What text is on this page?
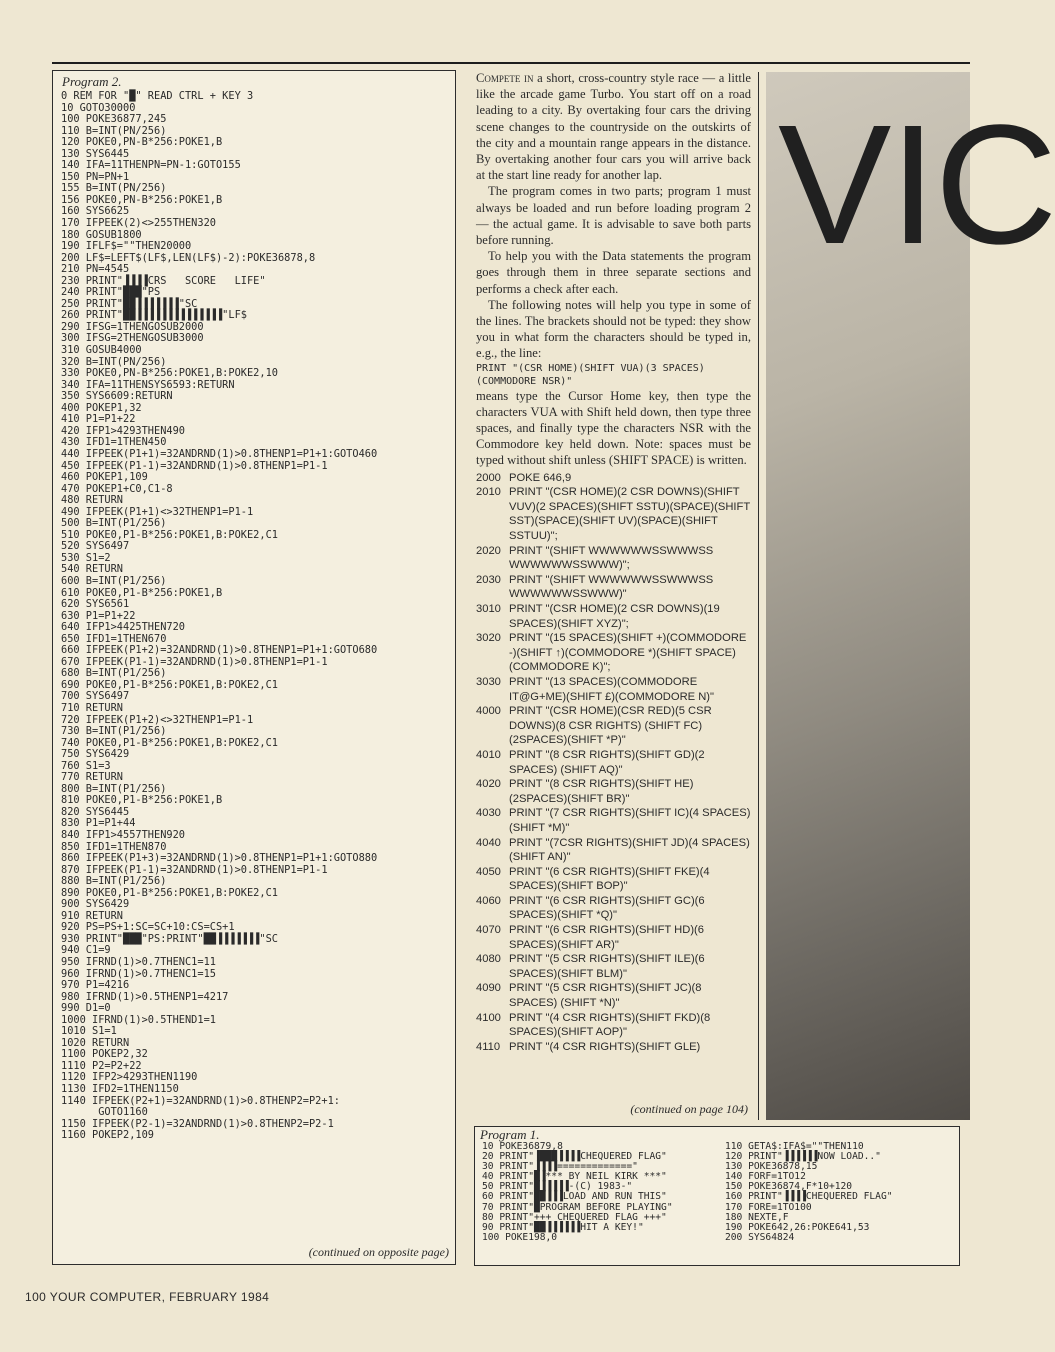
Program 2.
0 REM FOR "█" READ CTRL + KEY 3
10 GOTO30000
100 POKE36877,245
110 B=INT(PN/256)
120 POKE0,PN-B*256:POKE1,B
130 SYS6445
140 IFA=11THENPN=PN-1:GOTO155
150 PN=PN+1
155 B=INT(PN/256)
156 POKE0,PN-B*256:POKE1,B
160 SYS6625
170 IFPEEK(2)<>255THEN320
180 GOSUB1800
190 IFLF$=""THEN20000
200 LF$=LEFT$(LF$,LEN(LF$)-2):POKE36878,8
210 PN=4545
230 PRINT"▐▐▐▐CRS   SCORE   LIFE"
240 PRINT"███"PS
250 PRINT"██▐▐▐▐▐▐▐"SC
260 PRINT"██▐▐▐▐▐▐▐▐▐▐▐▐▐▐"LF$
290 IFSG=1THENGOSUB2000
300 IFSG=2THENGOSUB3000
310 GOSUB4000
320 B=INT(PN/256)
330 POKE0,PN-B*256:POKE1,B:POKE2,10
340 IFA=11THENSYS6593:RETURN
350 SYS6609:RETURN
400 POKEP1,32
410 P1=P1+22
420 IFP1>4293THEN490
430 IFD1=1THEN450
440 IFPEEK(P1+1)=32ANDRND(1)>0.8THENP1=P1+1:GOTO460
450 IFPEEK(P1-1)=32ANDRND(1)>0.8THENP1=P1-1
460 POKEP1,109
470 POKEP1+C0,C1-8
480 RETURN
490 IFPEEK(P1+1)<>32THENP1=P1-1
500 B=INT(P1/256)
510 POKE0,P1-B*256:POKE1,B:POKE2,C1
520 SYS6497
530 S1=2
540 RETURN
600 B=INT(P1/256)
610 POKE0,P1-B*256:POKE1,B
620 SYS6561
630 P1=P1+22
640 IFP1>4425THEN720
650 IFD1=1THEN670
660 IFPEEK(P1+2)=32ANDRND(1)>0.8THENP1=P1+1:GOTO680
670 IFPEEK(P1-1)=32ANDRND(1)>0.8THENP1=P1-1
680 B=INT(P1/256)
690 POKE0,P1-B*256:POKE1,B:POKE2,C1
700 SYS6497
710 RETURN
720 IFPEEK(P1+2)<>32THENP1=P1-1
730 B=INT(P1/256)
740 POKE0,P1-B*256:POKE1,B:POKE2,C1
750 SYS6429
760 S1=3
770 RETURN
800 B=INT(P1/256)
810 POKE0,P1-B*256:POKE1,B
820 SYS6445
830 P1=P1+44
840 IFP1>4557THEN920
850 IFD1=1THEN870
860 IFPEEK(P1+3)=32ANDRND(1)>0.8THENP1=P1+1:GOTO880
870 IFPEEK(P1-1)=32ANDRND(1)>0.8THENP1=P1-1
880 B=INT(P1/256)
890 POKE0,P1-B*256:POKE1,B:POKE2,C1
900 SYS6429
910 RETURN
920 PS=PS+1:SC=SC+10:CS=CS+1
930 PRINT"███"PS:PRINT"██▐▐▐▐▐▐▐"SC
940 C1=9
950 IFRND(1)>0.7THENC1=11
960 IFRND(1)>0.7THENC1=15
970 P1=4216
980 IFRND(1)>0.5THENP1=4217
990 D1=0
1000 IFRND(1)>0.5THEND1=1
1010 S1=1
1020 RETURN
1100 POKEP2,32
1110 P2=P2+22
1120 IFP2>4293THEN1190
1130 IFD2=1THEN1150
1140 IFPEEK(P2+1)=32ANDRND(1)>0.8THENP2=P2+1:
GOTO1160
1150 IFPEEK(P2-1)=32ANDRND(1)>0.8THENP2=P2-1
1160 POKEP2,109

(continued on opposite page)

Compete in a short, cross-country style race — a little like the arcade game Turbo. You start off on a road leading to a city. By overtaking four cars the driving scene changes to the countryside on the outskirts of the city and a mountain range appears in the distance. By overtaking another four cars you will arrive back at the start line ready for another lap.

The program comes in two parts; program 1 must always be loaded and run before loading program 2 — the actual game. It is advisable to save both parts before running.

To help you with the Data statements the program goes through them in three separate sections and performs a check after each.

The following notes will help you type in some of the lines. The brackets should not be typed: they show you in what form the characters should be typed in, e.g., the line:

PRINT "(CSR HOME)(SHIFT VUA)(3 SPACES)(COMMODORE NSR)"

means type the Cursor Home key, then type the characters VUA with Shift held down, then type three spaces, and finally type the characters NSR with the Commodore key held down. Note: spaces must be typed without shift unless (SHIFT SPACE) is written.

2000 POKE 646,9
2010 PRINT "(CSR HOME)(2 CSR DOWNS)(SHIFT VUV)(2 SPACES)(SHIFT SSTU)(SPACE)(SHIFT SST)(SPACE)(SHIFT UV)(SPACE)(SHIFT SSTUU)";
2020 PRINT "(SHIFT WWWWWWSSWWWSS WWWWWWSSWWW)";
2030 PRINT "(SHIFT WWWWWWSSWWWSS WWWWWWSSWWW)"
3010 PRINT "(CSR HOME)(2 CSR DOWNS)(19 SPACES)(SHIFT XYZ)";
3020 PRINT "(15 SPACES)(SHIFT +)(COMMODORE -)(SHIFT ↑)(COMMODORE *)(SHIFT SPACE)(COMMODORE K)";
3030 PRINT "(13 SPACES)(COMMODORE IT@G+ME)(SHIFT £)(COMMODORE N)"
4000 PRINT "(CSR HOME)(CSR RED)(5 CSR DOWNS)(8 CSR RIGHTS) (SHIFT FC)(2SPACES)(SHIFT *P)"
4010 PRINT "(8 CSR RIGHTS)(SHIFT GD)(2 SPACES) (SHIFT AQ)"
4020 PRINT "(8 CSR RIGHTS)(SHIFT HE)(2SPACES)(SHIFT BR)"
4030 PRINT "(7 CSR RIGHTS)(SHIFT IC)(4 SPACES)(SHIFT *M)"
4040 PRINT "(7CSR RIGHTS)(SHIFT JD)(4 SPACES)(SHIFT AN)"
4050 PRINT "(6 CSR RIGHTS)(SHIFT FKE)(4 SPACES)(SHIFT BOP)"
4060 PRINT "(6 CSR RIGHTS)(SHIFT GC)(6 SPACES)(SHIFT *Q)"
4070 PRINT "(6 CSR RIGHTS)(SHIFT HD)(6 SPACES)(SHIFT AR)"
4080 PRINT "(5 CSR RIGHTS)(SHIFT ILE)(6 SPACES)(SHIFT BLM)"
4090 PRINT "(5 CSR RIGHTS)(SHIFT JC)(8 SPACES) (SHIFT *N)"
4100 PRINT "(4 CSR RIGHTS)(SHIFT FKD)(8 SPACES)(SHIFT AOP)"
4110 PRINT "(4 CSR RIGHTS)(SHIFT GLE)
(continued on page 104)
VIC
Program 1.
10 POKE36879,8
20 PRINT"▐███▐▐▐▐CHEQUERED FLAG"
30 PRINT"▐▐▐▐============="
40 PRINT"█▐*** BY NEIL KIRK ***"
50 PRINT"█▐▐▐▐▐-(C) 1983-"
60 PRINT"██▐▐▐LOAD AND RUN THIS"
70 PRINT"█PROGRAM BEFORE PLAYING"
80 PRINT"+++ CHEQUERED FLAG +++"
90 PRINT"██▐▐▐▐▐▐HIT A KEY!"
100 POKE198,0

110 GETA$:IFA$=""THEN110
120 PRINT"▐▐▐▐▐▐NOW LOAD.."
130 POKE36878,15
140 FORF=1TO12
150 POKE36874,F*10+120
160 PRINT"▐▐▐▐CHEQUERED FLAG"
170 FORE=1TO100
180 NEXTE,F
190 POKE642,26:POKE641,53
200 SYS64824

100 YOUR COMPUTER, FEBRUARY 1984
